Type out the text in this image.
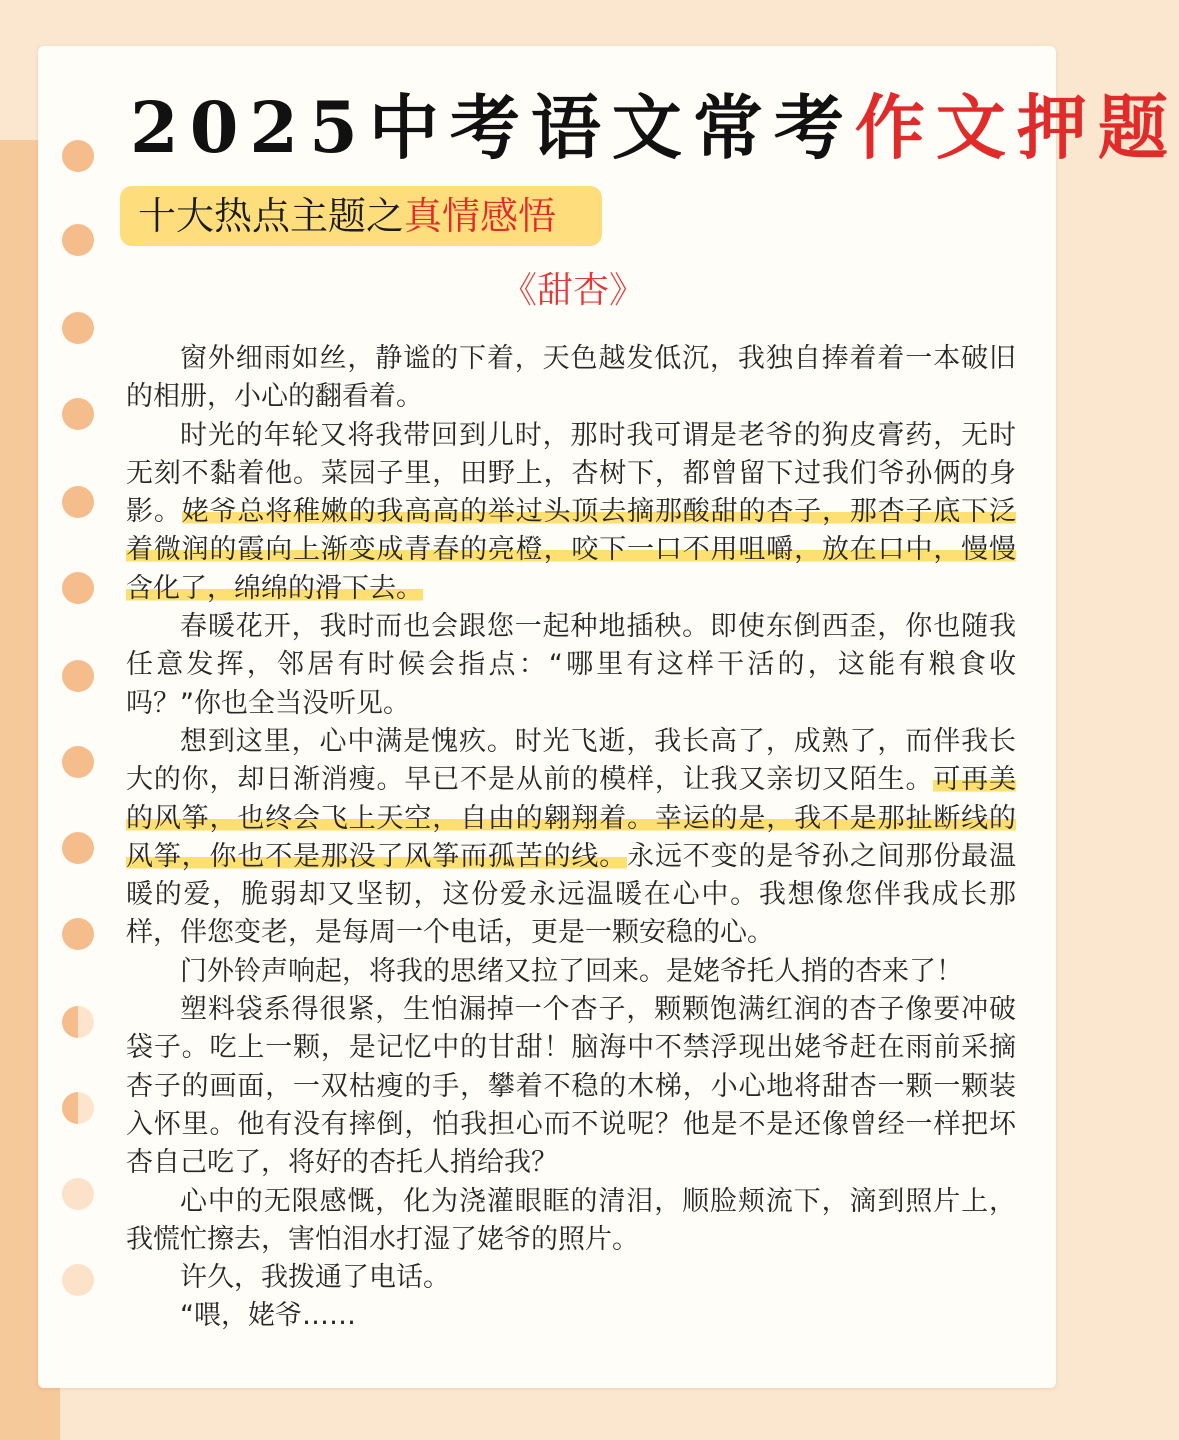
2025中考语文常考作文押题
十大热点主题之真情感悟
《甜杏》

窗外细雨如丝，静谧的下着，天色越发低沉，我独自捧着着一本破旧的相册，小心的翻看着。

时光的年轮又将我带回到儿时，那时我可谓是老爷的狗皮膏药，无时无刻不黏着他。菜园子里，田野上，杏树下，都曾留下过我们爷孙俩的身影。姥爷总将稚嫩的我高高的举过头顶去摘那酸甜的杏子，那杏子底下泛着微润的霞向上渐变成青春的亮橙，咬下一口不用咀嚼，放在口中，慢慢含化了，绵绵的滑下去。

春暖花开，我时而也会跟您一起种地插秧。即使东倒西歪，你也随我任意发挥，邻居有时候会指点：“哪里有这样干活的，这能有粮食收吗？”你也全当没听见。

想到这里，心中满是愧疚。时光飞逝，我长高了，成熟了，而伴我长大的你，却日渐消瘦。早已不是从前的模样，让我又亲切又陌生。可再美的风筝，也终会飞上天空，自由的翱翔着。幸运的是，我不是那扯断线的风筝，你也不是那没了风筝而孤苦的线。永远不变的是爷孙之间那份最温暖的爱，脆弱却又坚韧，这份爱永远温暖在心中。我想像您伴我成长那样，伴您变老，是每周一个电话，更是一颗安稳的心。

门外铃声响起，将我的思绪又拉了回来。是姥爷托人捎的杏来了！

塑料袋系得很紧，生怕漏掉一个杏子，颗颗饱满红润的杏子像要冲破袋子。吃上一颗，是记忆中的甘甜！脑海中不禁浮现出姥爷赶在雨前采摘杏子的画面，一双枯瘦的手，攀着不稳的木梯，小心地将甜杏一颗一颗装入怀里。他有没有摔倒，怕我担心而不说呢？他是不是还像曾经一样把坏杏自己吃了，将好的杏托人捎给我？

心中的无限感慨，化为浇灌眼眶的清泪，顺脸颊流下，滴到照片上，我慌忙擦去，害怕泪水打湿了姥爷的照片。

许久，我拨通了电话。

“喂，姥爷……
